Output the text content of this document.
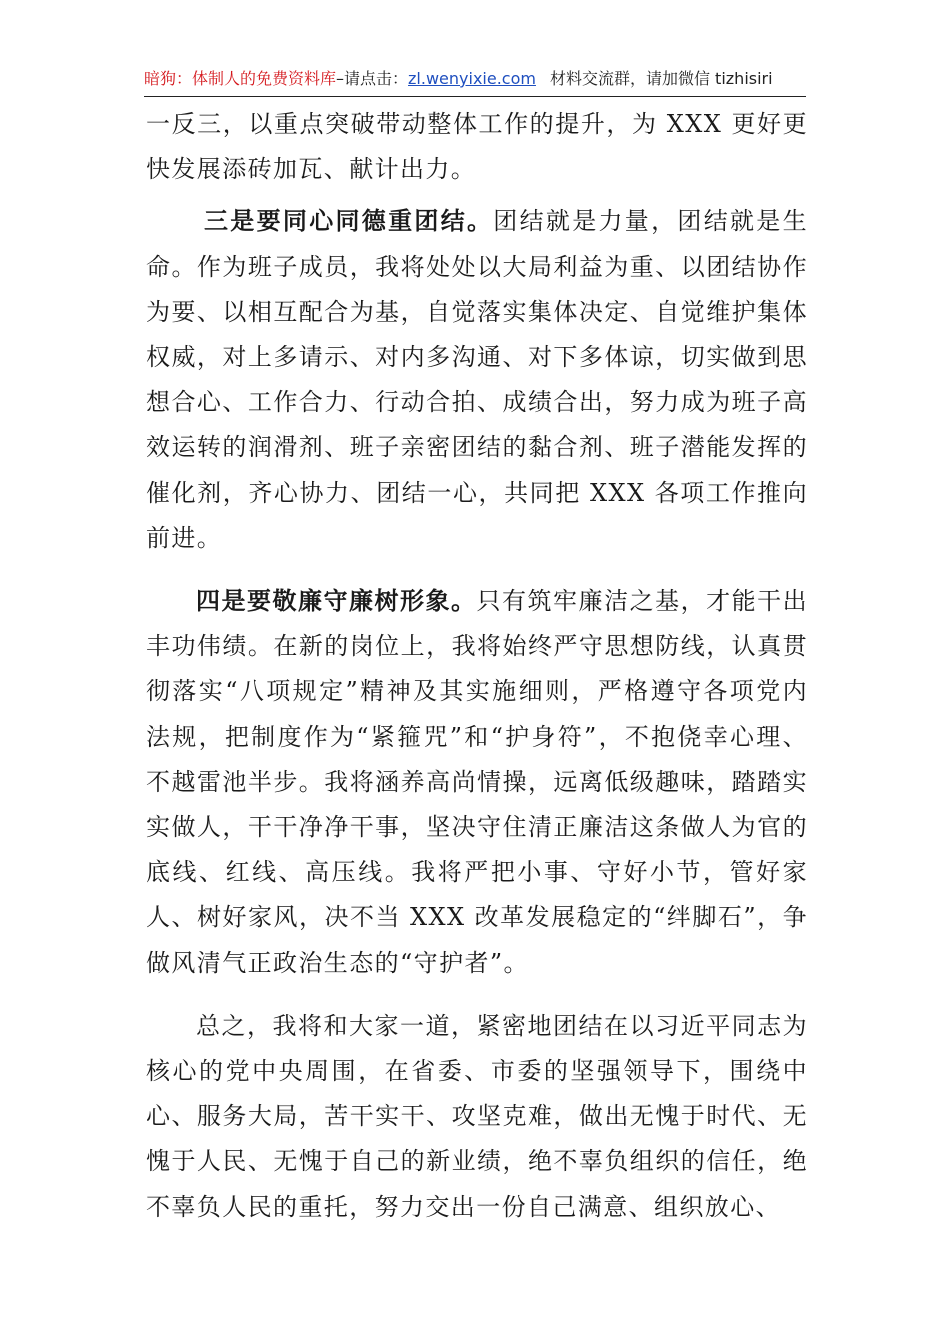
暗狗：体制人的免费资料库–请点击：zl.wenyixie.com 材料交流群，请加微信 tizhisiri

一反三，以重点突破带动整体工作的提升，为 XXX 更好更快发展添砖加瓦、献计出力。

三是要同心同德重团结。团结就是力量，团结就是生命。作为班子成员，我将处处以大局利益为重、以团结协作为要、以相互配合为基，自觉落实集体决定、自觉维护集体权威，对上多请示、对内多沟通、对下多体谅，切实做到思想合心、工作合力、行动合拍、成绩合出，努力成为班子高效运转的润滑剂、班子亲密团结的黏合剂、班子潜能发挥的催化剂，齐心协力、团结一心，共同把 XXX 各项工作推向前进。

四是要敬廉守廉树形象。只有筑牢廉洁之基，才能干出丰功伟绩。在新的岗位上，我将始终严守思想防线，认真贯彻落实“八项规定”精神及其实施细则，严格遵守各项党内法规，把制度作为“紧箍咒”和“护身符”，不抱侥幸心理、不越雷池半步。我将涵养高尚情操，远离低级趣味，踏踏实实做人，干干净净干事，坚决守住清正廉洁这条做人为官的底线、红线、高压线。我将严把小事、守好小节，管好家人、树好家风，决不当 XXX 改革发展稳定的“绊脚石”，争做风清气正政治生态的“守护者”。

总之，我将和大家一道，紧密地团结在以习近平同志为核心的党中央周围，在省委、市委的坚强领导下，围绕中心、服务大局，苦干实干、攻坚克难，做出无愧于时代、无愧于人民、无愧于自己的新业绩，绝不辜负组织的信任，绝不辜负人民的重托，努力交出一份自己满意、组织放心、
